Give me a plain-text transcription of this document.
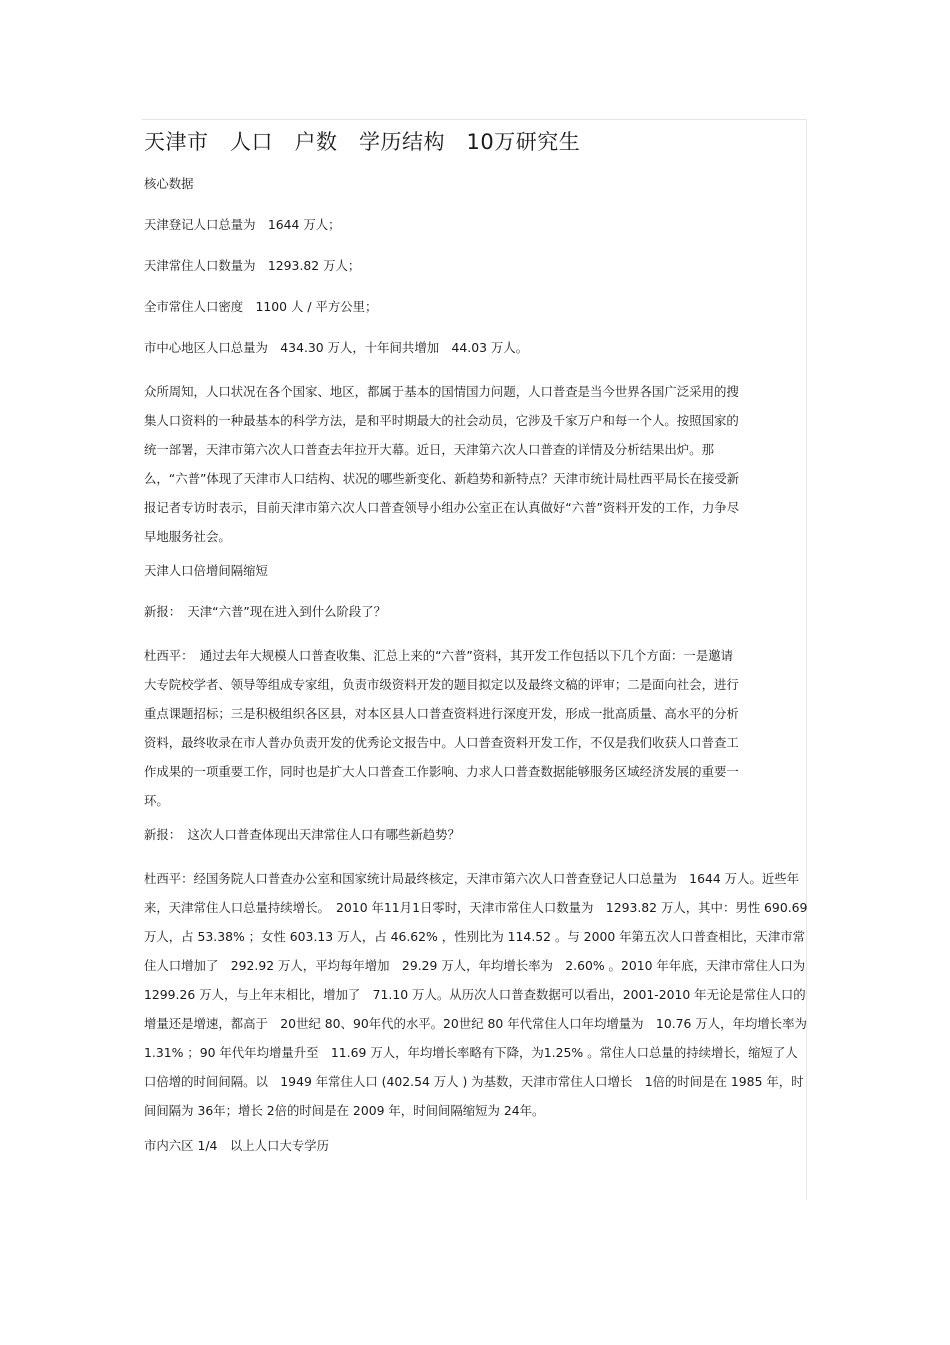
天津市　人口　户数　学历结构　10万研究生

核心数据

天津登记人口总量为　1644 万人；

天津常住人口数量为　1293.82 万人；

全市常住人口密度　1100 人 / 平方公里；

市中心地区人口总量为　434.30 万人，十年间共增加　44.03 万人。

众所周知，人口状况在各个国家、地区，都属于基本的国情国力问题，人口普查是当今世界各国广泛采用的搜集人口资料的一种最基本的科学方法，是和平时期最大的社会动员，它涉及千家万户和每一个人。按照国家的统一部署，天津市第六次人口普查去年拉开大幕。近日，天津第六次人口普查的详情及分析结果出炉。那么，“六普”体现了天津市人口结构、状况的哪些新变化、新趋势和新特点？天津市统计局杜西平局长在接受新报记者专访时表示，目前天津市第六次人口普查领导小组办公室正在认真做好“六普”资料开发的工作，力争尽早地服务社会。

天津人口倍增间隔缩短

新报：　天津“六普”现在进入到什么阶段了？

杜西平：　通过去年大规模人口普查收集、汇总上来的“六普”资料，其开发工作包括以下几个方面：一是邀请大专院校学者、领导等组成专家组，负责市级资料开发的题目拟定以及最终文稿的评审；二是面向社会，进行重点课题招标；三是积极组织各区县，对本区县人口普查资料进行深度开发，形成一批高质量、高水平的分析资料，最终收录在市人普办负责开发的优秀论文报告中。人口普查资料开发工作，不仅是我们收获人口普查工作成果的一项重要工作，同时也是扩大人口普查工作影响、力求人口普查数据能够服务区域经济发展的重要一环。

新报：　这次人口普查体现出天津常住人口有哪些新趋势？

杜西平：经国务院人口普查办公室和国家统计局最终核定，天津市第六次人口普查登记人口总量为　1644 万人。近些年来，天津常住人口总量持续增长。　2010 年11月1日零时，天津市常住人口数量为　1293.82 万人，其中：男性 690.69 万人，占 53.38% ；女性 603.13 万人，占 46.62% ，性别比为 114.52 。与 2000 年第五次人口普查相比，天津市常住人口增加了　292.92 万人，平均每年增加　29.29 万人，年均增长率为　2.60% 。2010 年年底，天津市常住人口为　1299.26 万人，与上年末相比，增加了　71.10 万人。从历次人口普查数据可以看出，2001-2010 年无论是常住人口的增量还是增速，都高于　20世纪 80、90年代的水平。20世纪 80 年代常住人口年均增量为　10.76 万人，年均增长率为　1.31% ；90 年代年均增量升至　11.69 万人，年均增长率略有下降，为1.25% 。常住人口总量的持续增长，缩短了人口倍增的时间间隔。以　1949 年常住人口 (402.54 万人 ) 为基数，天津市常住人口增长　1倍的时间是在 1985 年，时间间隔为 36年；增长 2倍的时间是在 2009 年，时间间隔缩短为 24年。

市内六区 1/4　以上人口大专学历
